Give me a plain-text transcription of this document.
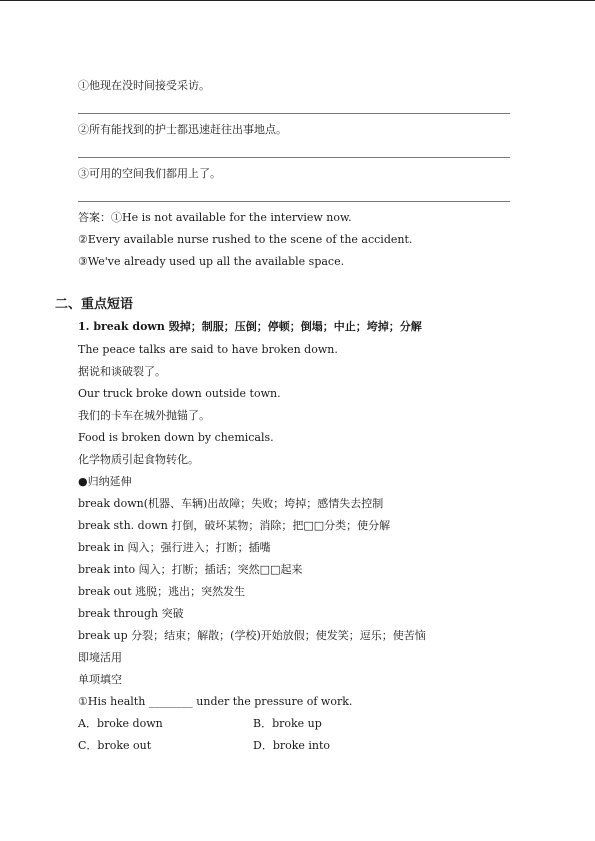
①他现在没时间接受采访。
②所有能找到的护士都迅速赶往出事地点。
③可用的空间我们都用上了。
答案：①He is not available for the interview now.
②Every available nurse rushed to the scene of the accident.
③We've already used up all the available space.
二、重点短语
1. break down 毁掉；制服；压倒；停顿；倒塌；中止；垮掉；分解
The peace talks are said to have broken down.
据说和谈破裂了。
Our truck broke down outside town.
我们的卡车在城外抛锚了。
Food is broken down by chemicals.
化学物质引起食物转化。
●归纳延伸
break down(机器、车辆)出故障；失败；垮掉；感情失去控制
break sth. down 打倒，破坏某物；消除；把□□分类；使分解
break in 闯入；强行进入；打断；插嘴
break into 闯入；打断；插话；突然□□起来
break out 逃脱；逃出；突然发生
break through 突破
break up 分裂；结束；解散；(学校)开始放假；使发笑；逗乐；使苦恼
即境活用
单项填空
①His health ________ under the pressure of work.
A．broke down	B．broke up
C．broke out	D．broke into
